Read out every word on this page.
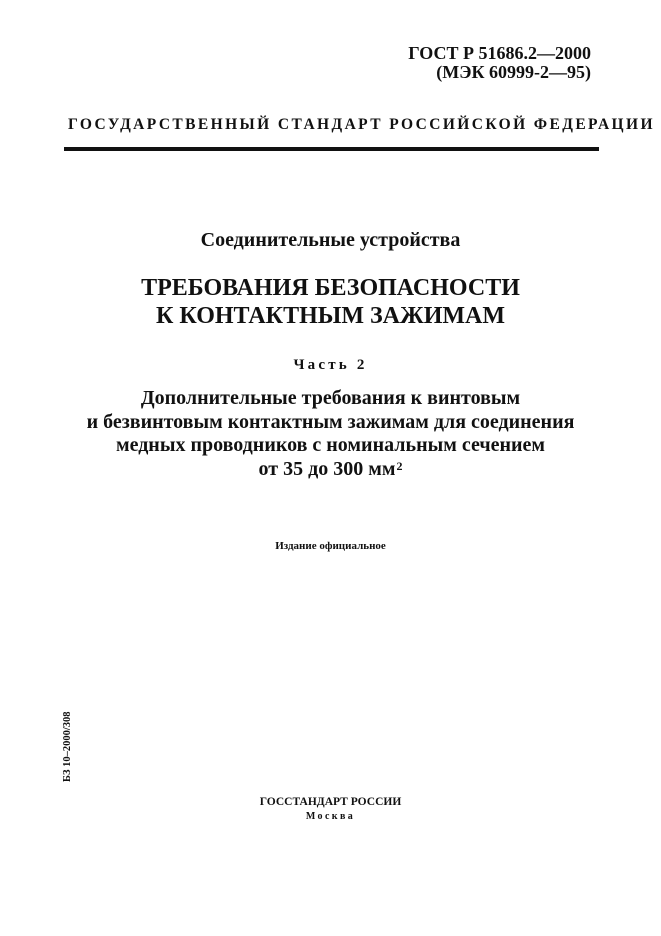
ГОСТ Р 51686.2—2000
(МЭК 60999-2—95)
ГОСУДАРСТВЕННЫЙ СТАНДАРТ РОССИЙСКОЙ ФЕДЕРАЦИИ
Соединительные устройства
ТРЕБОВАНИЯ БЕЗОПАСНОСТИ
К КОНТАКТНЫМ ЗАЖИМАМ
Часть 2
Дополнительные требования к винтовым
и безвинтовым контактным зажимам для соединения
медных проводников с номинальным сечением
от 35 до 300 $мм^2$
Издание официальное
БЗ 10–2000/308
ГОССТАНДАРТ РОССИИ
Москва
